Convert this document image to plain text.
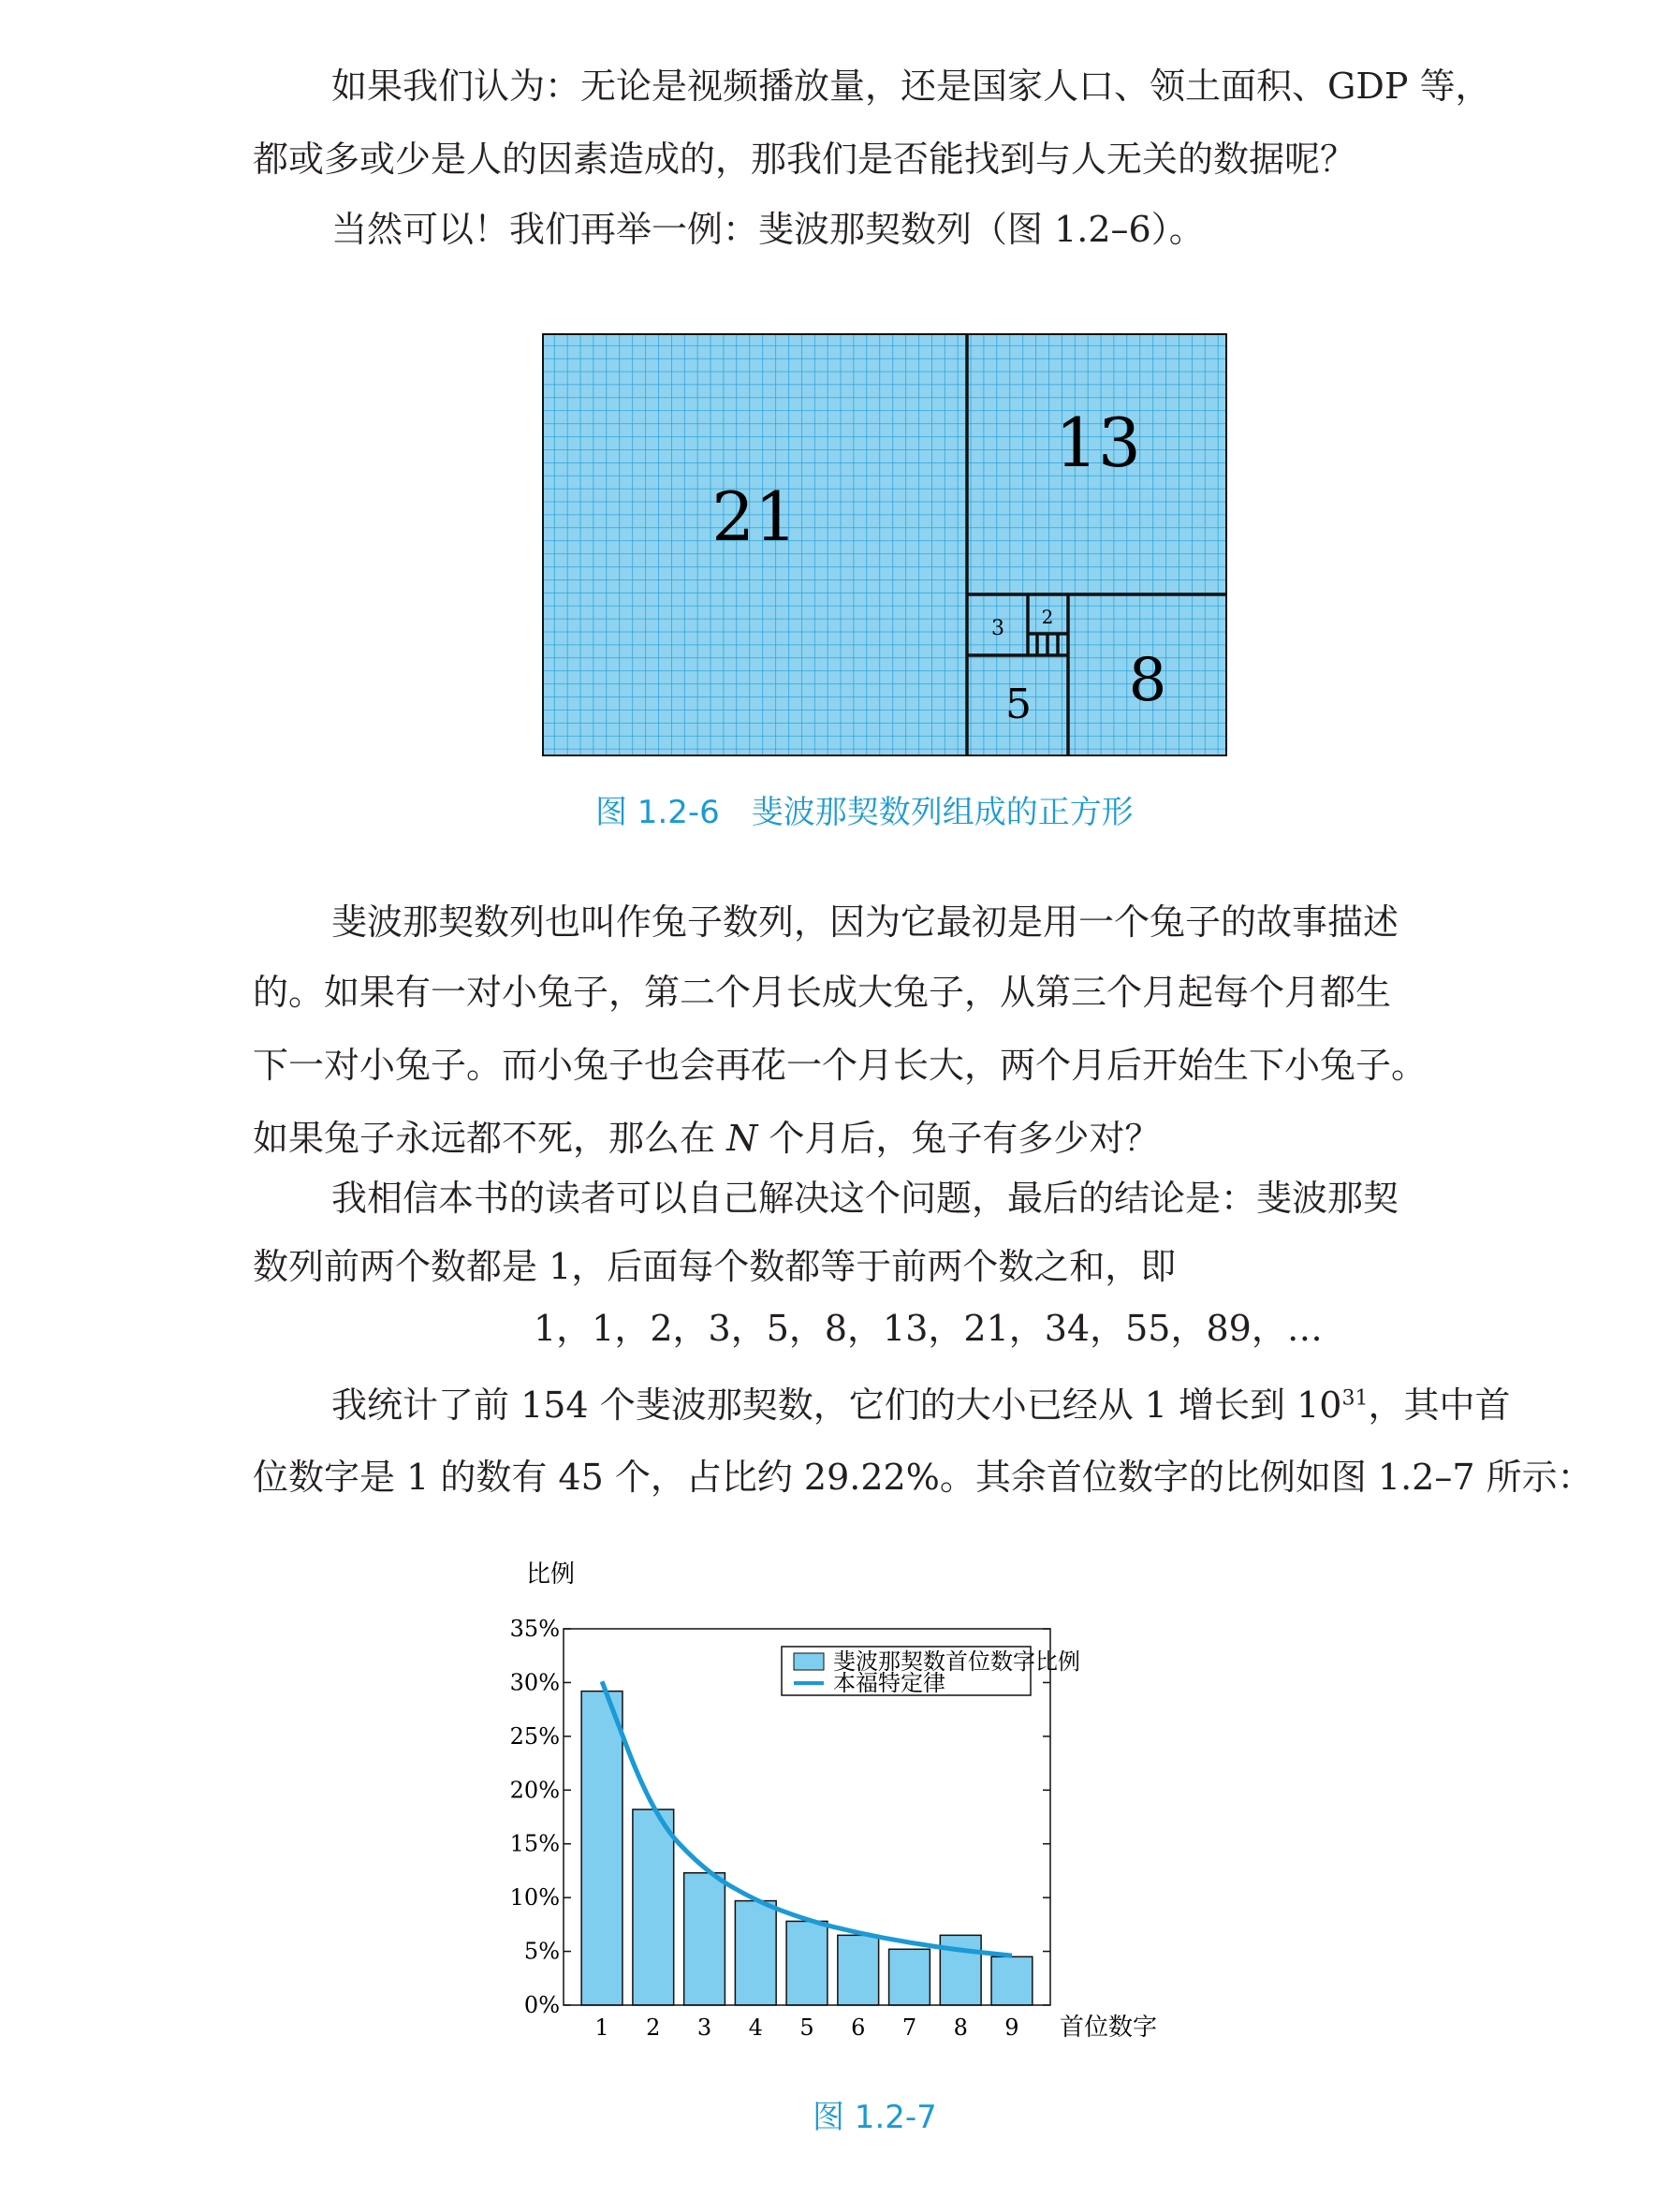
如果我们认为：无论是视频播放量，还是国家人口、领土面积、GDP 等，

都或多或少是人的因素造成的，那我们是否能找到与人无关的数据呢？

当然可以！我们再举一例：斐波那契数列（图 1.2–6）。

21
13
8
5
3 2
图 1.2-6　斐波那契数列组成的正方形

斐波那契数列也叫作兔子数列，因为它最初是用一个兔子的故事描述

的。如果有一对小兔子，第二个月长成大兔子，从第三个月起每个月都生
下一对小兔子。而小兔子也会再花一个月长大，两个月后开始生下小兔子。
如果兔子永远都不死，那么在 N 个月后，兔子有多少对？

我相信本书的读者可以自己解决这个问题，最后的结论是：斐波那契

数列前两个数都是 1，后面每个数都等于前两个数之和，即

1，1，2，3，5，8，13，21，34，55，89，…

我统计了前 154 个斐波那契数，它们的大小已经从 1 增长到 $10^{31}$，其中首

位数字是 1 的数有 45 个，占比约 29.22%。其余首位数字的比例如图 1.2–7 所示：

比例
0%
5%
10%
15%
20%
25%
30%
35%
1 2 3 4 5 6 7 8 9 首位数字
斐波那契数首位数字比例
本福特定律
图 1.2-7
